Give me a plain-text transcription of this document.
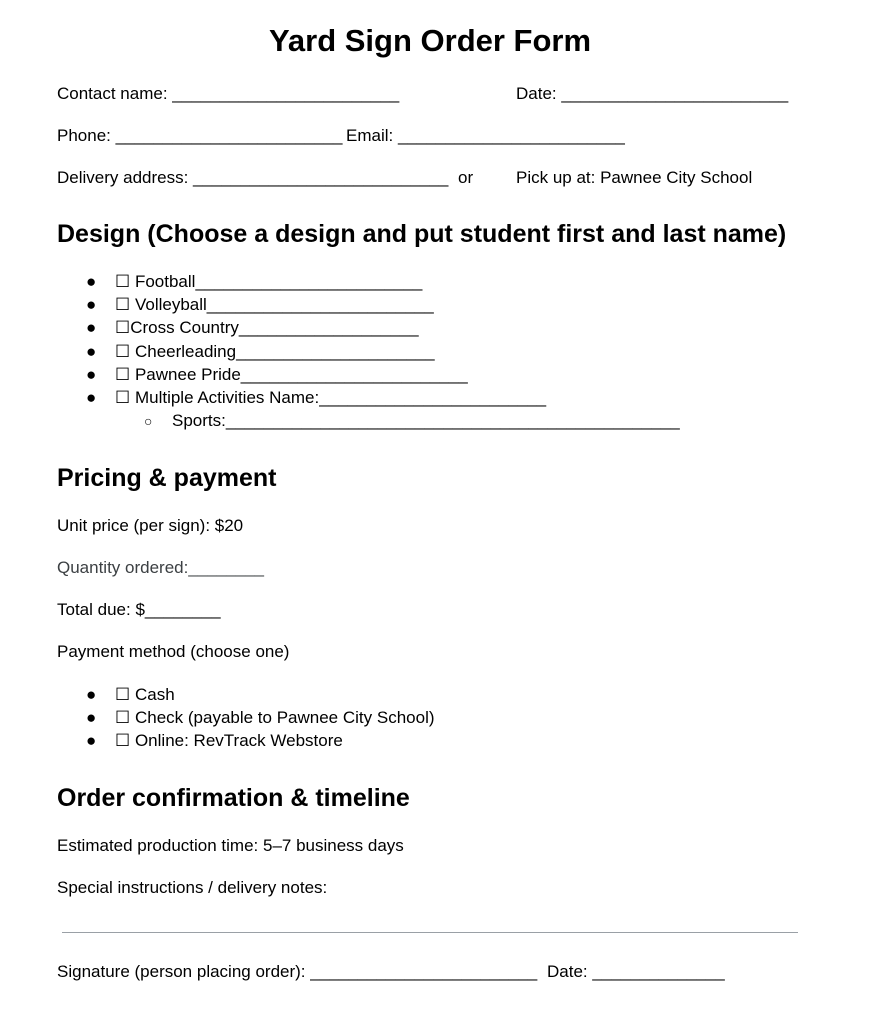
Yard Sign Order Form
Contact name: ________________________	Date: ________________________
Phone: ________________________ Email: ________________________
Delivery address: ___________________________ or	Pick up at: Pawnee City School
Design (Choose a design and put student first and last name)
● ☐ Football________________________
● ☐ Volleyball________________________
● ☐Cross Country___________________
● ☐ Cheerleading_____________________
● ☐ Pawnee Pride________________________
● ☐ Multiple Activities Name:________________________
○ Sports:________________________________________________
Pricing & payment
Unit price (per sign): $20
Quantity ordered:________
Total due: $________
Payment method (choose one)
● ☐ Cash
● ☐ Check (payable to Pawnee City School)
● ☐ Online: RevTrack Webstore
Order confirmation & timeline
Estimated production time: 5–7 business days
Special instructions / delivery notes:
Signature (person placing order): ________________________ Date: ______________
